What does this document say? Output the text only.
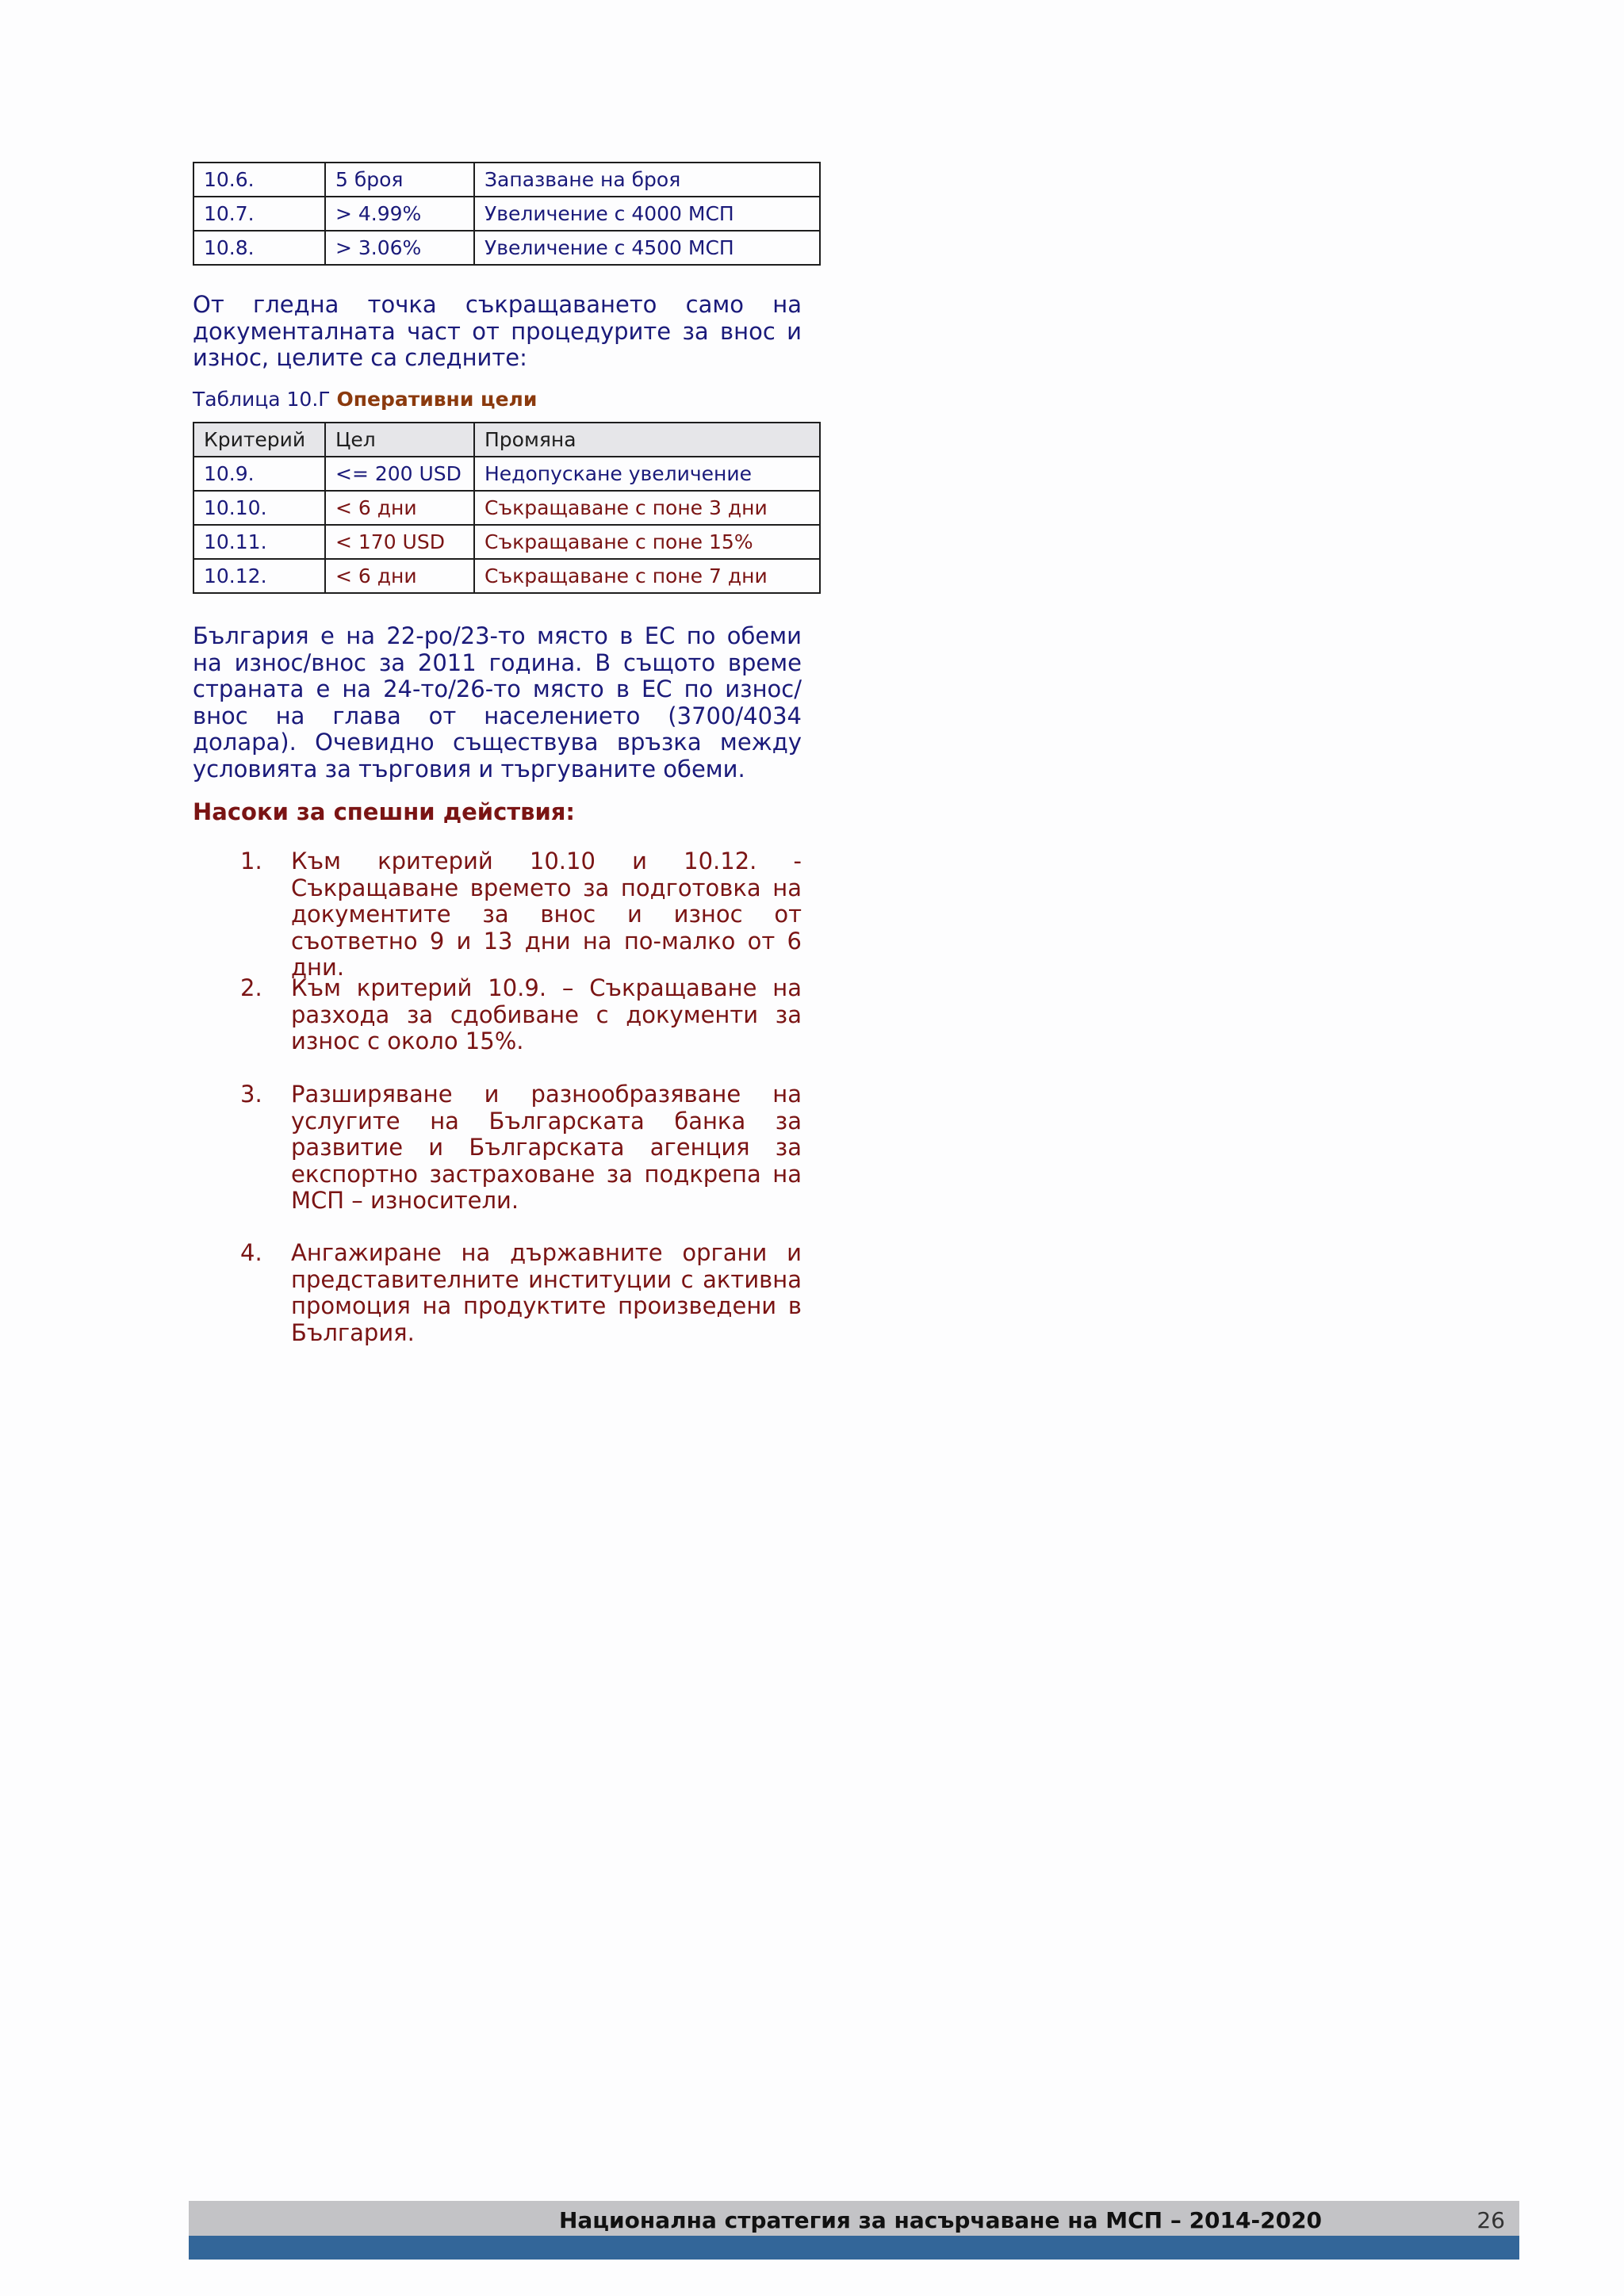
10.6.	5 броя	Запазване на броя
10.7.	> 4.99%	Увеличение с 4000 МСП
10.8.	> 3.06%	Увеличение с 4500 МСП

От гледна точка съкращаването само на документалната част от процедурите за внос и износ, целите са следните:

Таблица 10.Г Оперативни цели
Критерий	Цел	Промяна
10.9.	<= 200 USD	Недопускане увеличение
10.10.	< 6 дни	Съкращаване с поне 3 дни
10.11.	< 170 USD	Съкращаване с поне 15%
10.12.	< 6 дни	Съкращаване с поне 7 дни

България е на 22-ро/23-то място в ЕС по обеми на износ/внос за 2011 година. В същото време страната е на 24-то/26-то място в ЕС по износ/внос на глава от населението (3700/4034 долара). Очевидно съществува връзка между условията за търговия и търгуваните обеми.

Насоки за спешни действия:
1. Към критерий 10.10 и 10.12. - Съкращаване времето за подготовка на документите за внос и износ от съответно 9 и 13 дни на по-малко от 6 дни.
2. Към критерий 10.9. – Съкращаване на разхода за сдобиване с документи за износ с около 15%.
3. Разширяване и разнообразяване на услугите на Българската банка за развитие и Българската агенция за експортно застраховане за подкрепа на МСП – износители.
4. Ангажиране на държавните органи и представителните институции с активна промоция на продуктите произведени в България.
Национална стратегия за насърчаване на МСП – 2014-2020	26
